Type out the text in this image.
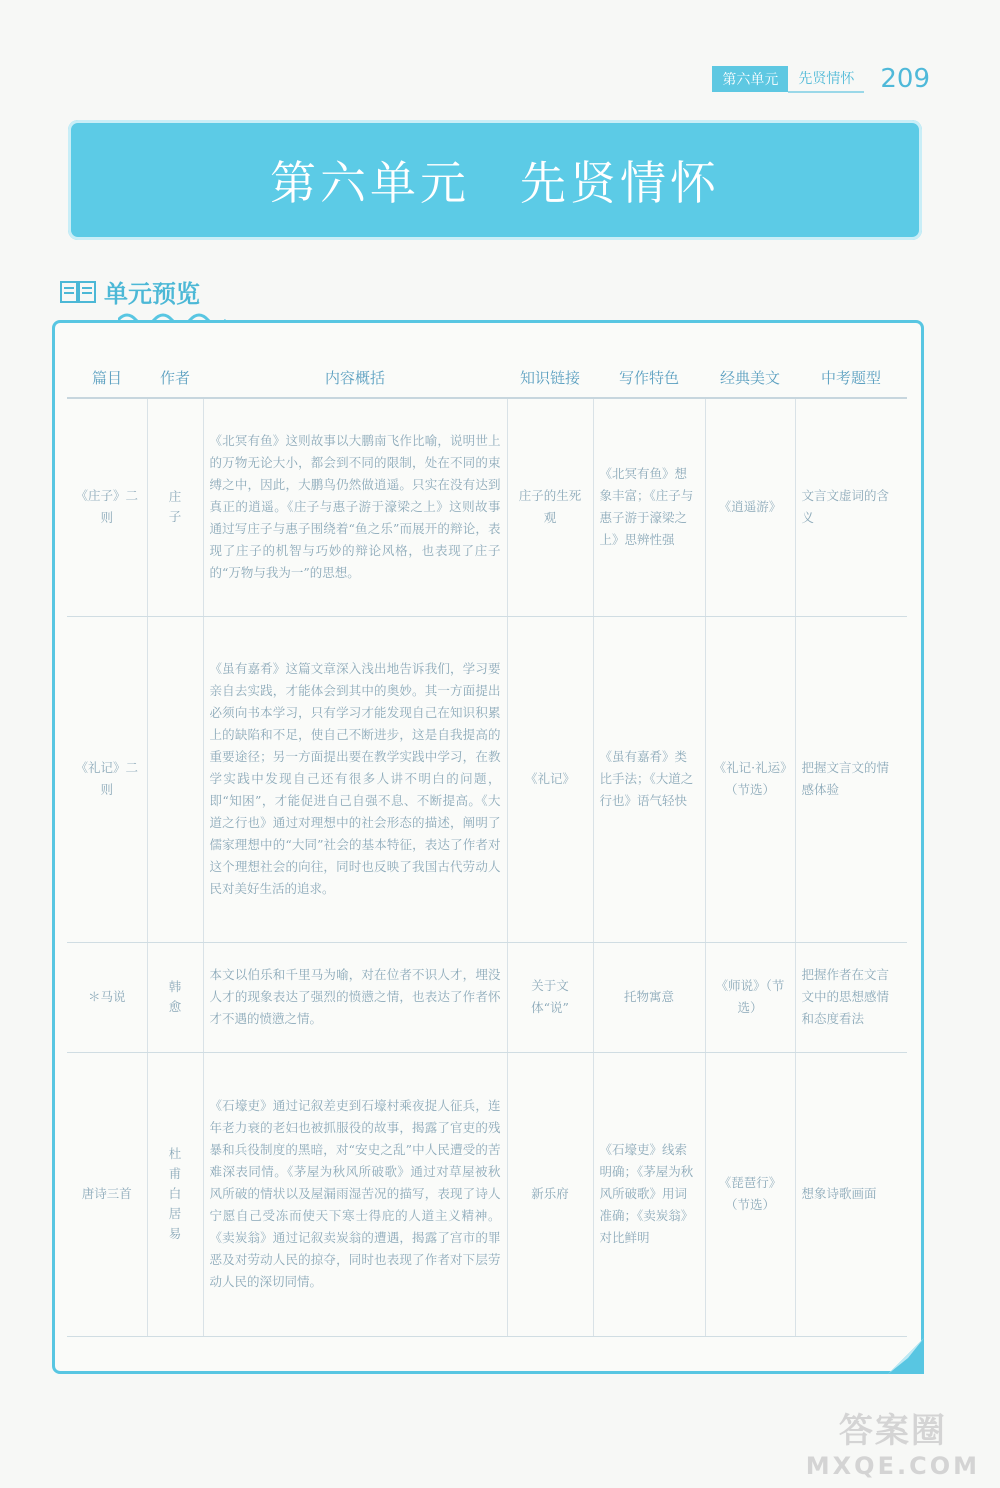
第六单元	先贤情怀	209
第六单元　先贤情怀
单元预览
篇目	作者	内容概括	知识链接	写作特色	经典美文	中考题型
《庄子》二则	庄子	《北冥有鱼》这则故事以大鹏南飞作比喻，说明世上的万物无论大小，都会到不同的限制，处在不同的束缚之中，因此，大鹏鸟仍然做逍遥。只实在没有达到真正的逍遥。《庄子与惠子游于濠梁之上》这则故事通过写庄子与惠子围绕着“鱼之乐”而展开的辩论，表现了庄子的机智与巧妙的辩论风格，也表现了庄子的“万物与我为一”的思想。	庄子的生死观	《北冥有鱼》想象丰富；《庄子与惠子游于濠梁之上》思辨性强	《逍遥游》	文言文虚词的含义
《礼记》二则		《虽有嘉肴》这篇文章深入浅出地告诉我们，学习要亲自去实践，才能体会到其中的奥妙。其一方面提出必须向书本学习，只有学习才能发现自己在知识积累上的缺陷和不足，使自己不断进步，这是自我提高的重要途径；另一方面提出要在教学实践中学习，在教学实践中发现自己还有很多人讲不明白的问题，即“知困”，才能促进自己自强不息、不断提高。《大道之行也》通过对理想中的社会形态的描述，阐明了儒家理想中的“大同”社会的基本特征，表达了作者对这个理想社会的向往，同时也反映了我国古代劳动人民对美好生活的追求。	《礼记》	《虽有嘉肴》类比手法；《大道之行也》语气轻快	《礼记·礼运》（节选）	把握文言文的情感体验
＊马说	韩愈	本文以伯乐和千里马为喻，对在位者不识人才，埋没人才的现象表达了强烈的愤懑之情，也表达了作者怀才不遇的愤懑之情。	关于文体“说”	托物寓意	《师说》（节选）	把握作者在文言文中的思想感情和态度看法
唐诗三首	杜甫　白居易	《石壕吏》通过记叙差吏到石壕村乘夜捉人征兵，连年老力衰的老妇也被抓服役的故事，揭露了官吏的残暴和兵役制度的黑暗，对“安史之乱”中人民遭受的苦难深表同情。《茅屋为秋风所破歌》通过对草屋被秋风所破的情状以及屋漏雨湿苦况的描写，表现了诗人宁愿自己受冻而使天下寒士得庇的人道主义精神。《卖炭翁》通过记叙卖炭翁的遭遇，揭露了宫市的罪恶及对劳动人民的掠夺，同时也表现了作者对下层劳动人民的深切同情。	新乐府	《石壕吏》线索明确；《茅屋为秋风所破歌》用词准确；《卖炭翁》对比鲜明	《琵琶行》（节选）	想象诗歌画面
答案圈
MXQE.COM
